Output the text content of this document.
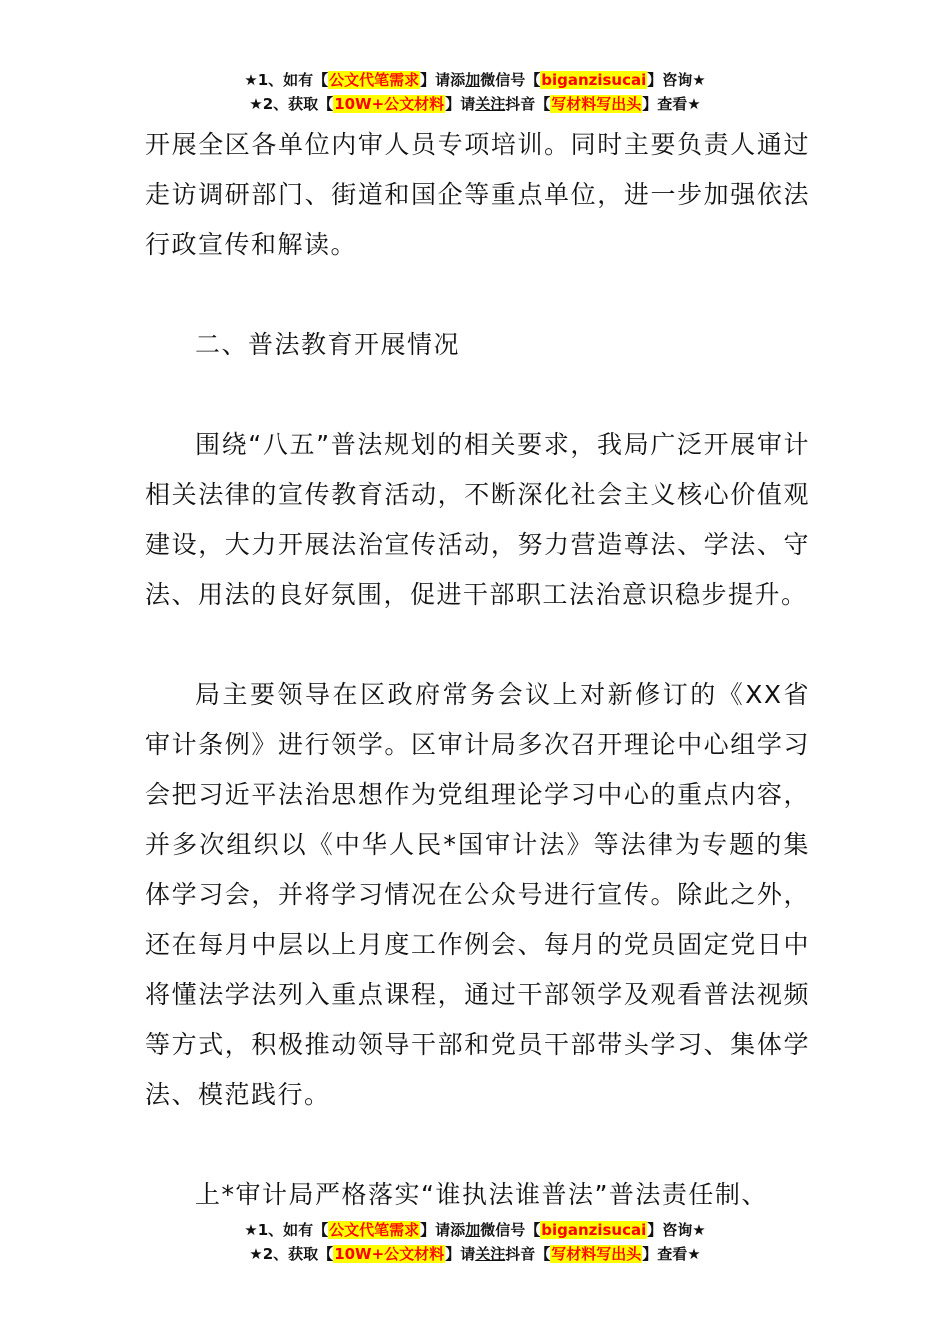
★1、如有【公文代笔需求】请添加微信号【biganzisucai】咨询★
★2、获取【10W+公文材料】请关注抖音【写材料写出头】查看★

开展全区各单位内审人员专项培训。同时主要负责人通过走访调研部门、街道和国企等重点单位，进一步加强依法行政宣传和解读。

二、普法教育开展情况

围绕“八五”普法规划的相关要求，我局广泛开展审计相关法律的宣传教育活动，不断深化社会主义核心价值观建设，大力开展法治宣传活动，努力营造尊法、学法、守法、用法的良好氛围，促进干部职工法治意识稳步提升。

局主要领导在区政府常务会议上对新修订的《XX省审计条例》进行领学。区审计局多次召开理论中心组学习会把习近平法治思想作为党组理论学习中心的重点内容，并多次组织以《中华人民*国审计法》等法律为专题的集体学习会，并将学习情况在公众号进行宣传。除此之外，还在每月中层以上月度工作例会、每月的党员固定党日中将懂法学法列入重点课程，通过干部领学及观看普法视频等方式，积极推动领导干部和党员干部带头学习、集体学法、模范践行。

上*审计局严格落实“谁执法谁普法”普法责任制、

★1、如有【公文代笔需求】请添加微信号【biganzisucai】咨询★
★2、获取【10W+公文材料】请关注抖音【写材料写出头】查看★
